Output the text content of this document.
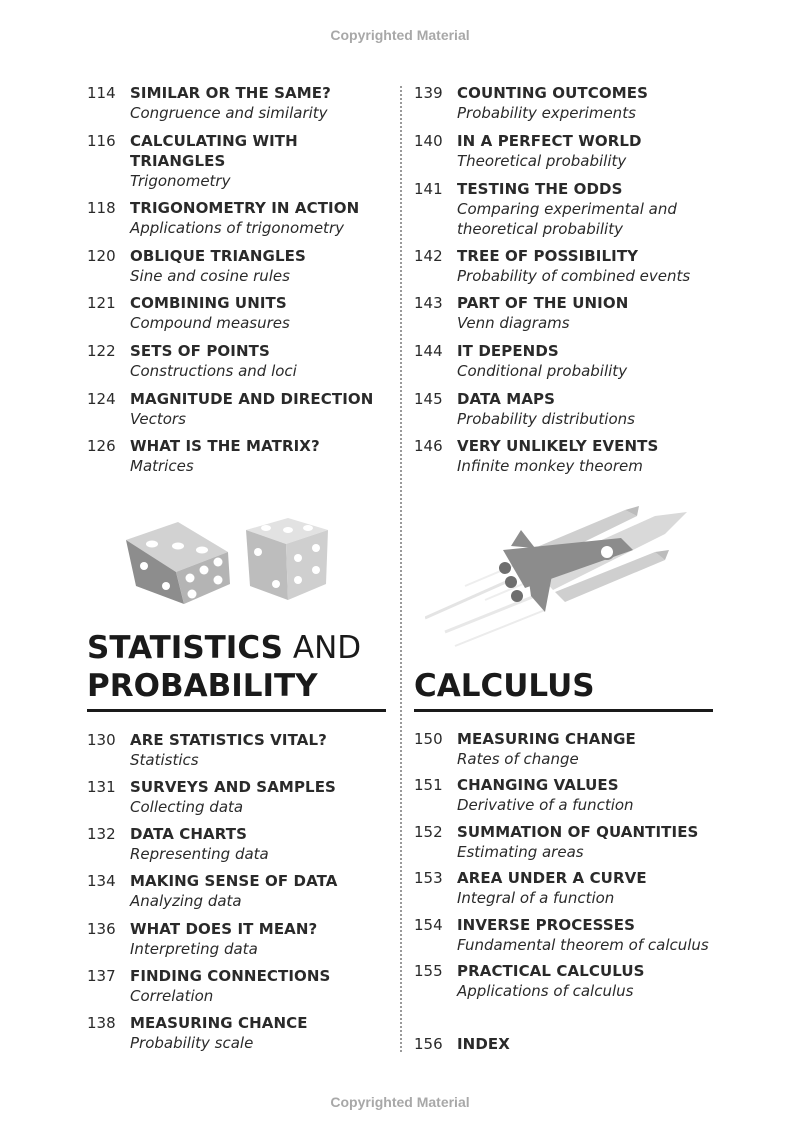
Copyrighted Material
114 SIMILAR OR THE SAME?
Congruence and similarity
116 CALCULATING WITH
TRIANGLES
Trigonometry
118 TRIGONOMETRY IN ACTION
Applications of trigonometry
120 OBLIQUE TRIANGLES
Sine and cosine rules
121 COMBINING UNITS
Compound measures
122 SETS OF POINTS
Constructions and loci
124 MAGNITUDE AND DIRECTION
Vectors
126 WHAT IS THE MATRIX?
Matrices
139 COUNTING OUTCOMES
Probability experiments
140 IN A PERFECT WORLD
Theoretical probability
141 TESTING THE ODDS
Comparing experimental and
theoretical probability
142 TREE OF POSSIBILITY
Probability of combined events
143 PART OF THE UNION
Venn diagrams
144 IT DEPENDS
Conditional probability
145 DATA MAPS
Probability distributions
146 VERY UNLIKELY EVENTS
Infinite monkey theorem
STATISTICS AND
PROBABILITY	CALCULUS
130 ARE STATISTICS VITAL?
Statistics
131 SURVEYS AND SAMPLES
Collecting data
132 DATA CHARTS
Representing data
134 MAKING SENSE OF DATA
Analyzing data
136 WHAT DOES IT MEAN?
Interpreting data
137 FINDING CONNECTIONS
Correlation
138 MEASURING CHANCE
Probability scale
150 MEASURING CHANGE
Rates of change
151 CHANGING VALUES
Derivative of a function
152 SUMMATION OF QUANTITIES
Estimating areas
153 AREA UNDER A CURVE
Integral of a function
154 INVERSE PROCESSES
Fundamental theorem of calculus
155 PRACTICAL CALCULUS
Applications of calculus
156 INDEX
Copyrighted Material
